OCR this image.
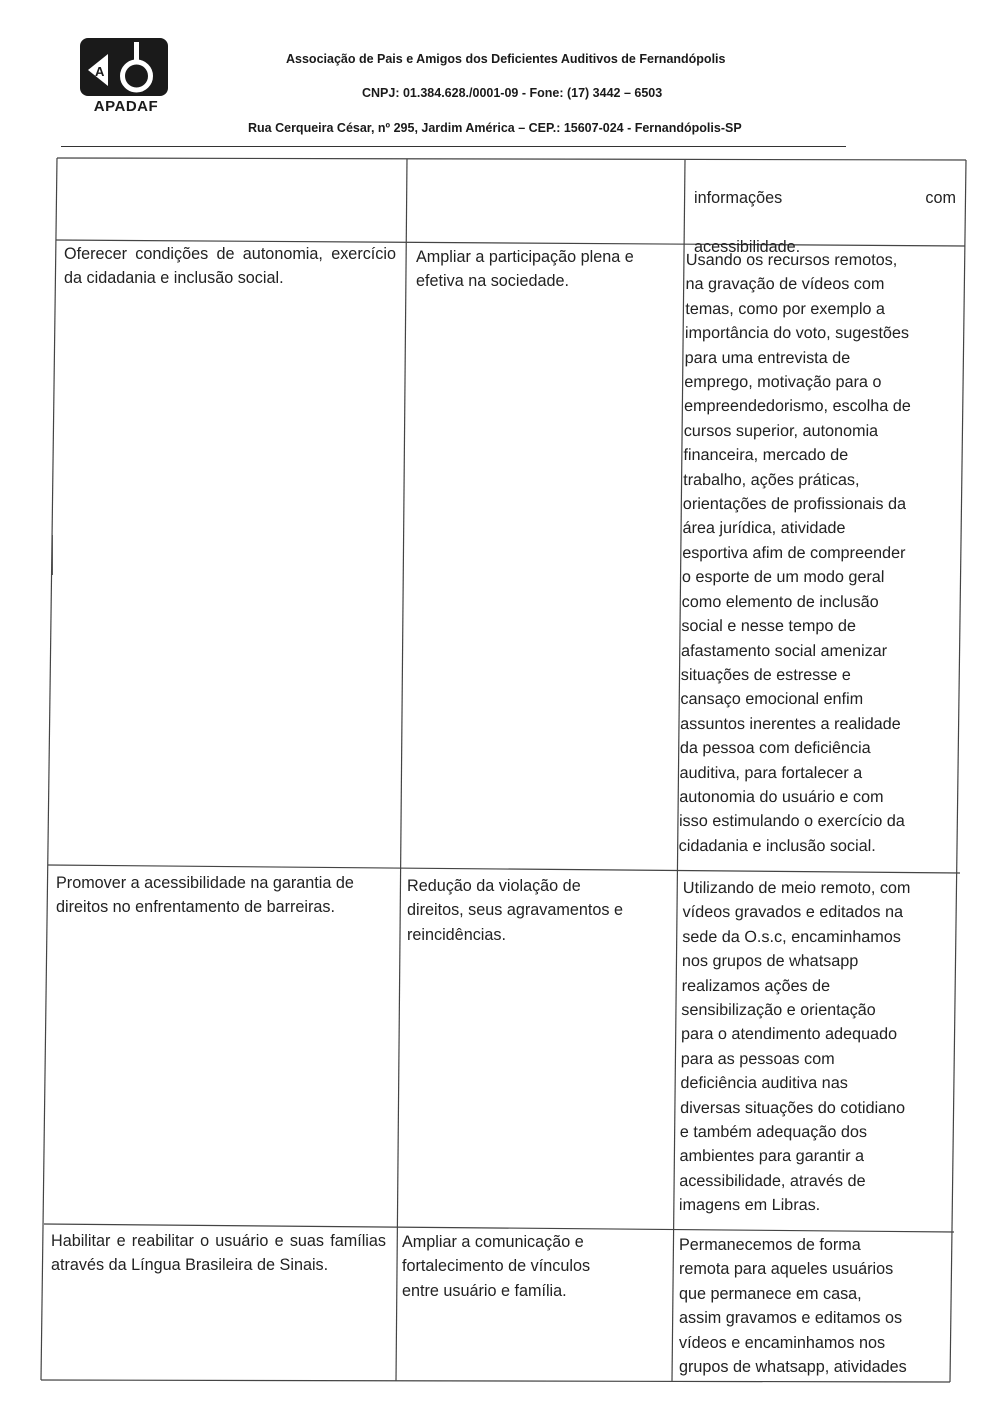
A
APADAF
Associação de Pais e Amigos dos Deficientes Auditivos de Fernandópolis
CNPJ: 01.384.628./0001-09 - Fone: (17) 3442 – 6503
Rua Cerqueira César, nº 295, Jardim América – CEP.: 15607-024 - Fernandópolis-SP

informações	com

acessibilidade.

Oferecer condições de autonomia, exercício da cidadania e inclusão social.
Ampliar a participação plena e efetiva na sociedade.
Usando os recursos remotos,
na gravação de vídeos com
temas, como por exemplo a
importância do voto, sugestões
para uma entrevista de
emprego, motivação para o
empreendedorismo, escolha de
cursos superior, autonomia
financeira, mercado de
trabalho, ações práticas,
orientações de profissionais da
área jurídica, atividade
esportiva afim de compreender
o esporte de um modo geral
como elemento de inclusão
social e nesse tempo de
afastamento social amenizar
situações de estresse e
cansaço emocional enfim
assuntos inerentes a realidade
da pessoa com deficiência
auditiva, para fortalecer a
autonomia do usuário e com
isso estimulando o exercício da
cidadania e inclusão social.
Promover a acessibilidade na garantia de
direitos no enfrentamento de barreiras.
Redução da violação de
direitos, seus agravamentos e
reincidências.
Utilizando de meio remoto, com
vídeos gravados e editados na
sede da O.s.c, encaminhamos
nos grupos de whatsapp
realizamos ações de
sensibilização e orientação
para o atendimento adequado
para as pessoas com
deficiência auditiva nas
diversas situações do cotidiano
e também adequação dos
ambientes para garantir a
acessibilidade, através de
imagens em Libras.
Habilitar e reabilitar o usuário e suas famílias através da Língua Brasileira de Sinais.
Ampliar a comunicação e
fortalecimento de vínculos
entre usuário e família.
Permanecemos de forma
remota para aqueles usuários
que permanece em casa,
assim gravamos e editamos os
vídeos e encaminhamos nos
grupos de whatsapp, atividades
